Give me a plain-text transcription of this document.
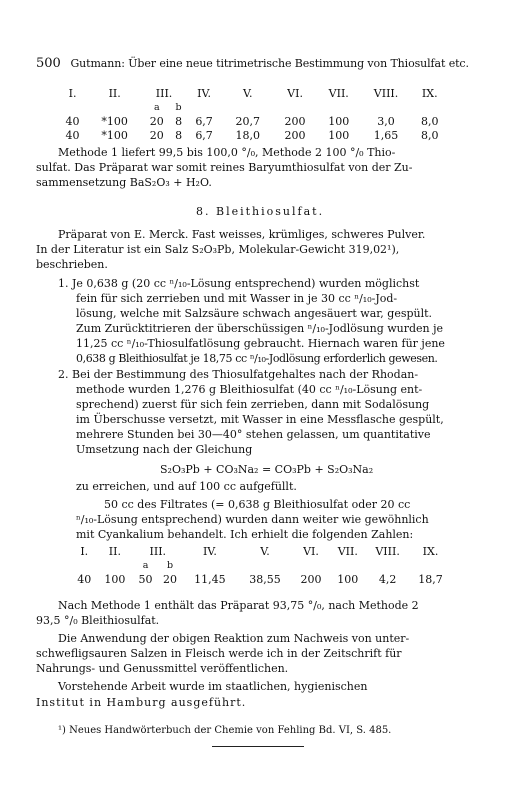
500 Gutmann: Über eine neue titrimetrische Bestimmung von Thiosulfat etc.
I.	II.	III.		IV.	V.	VI.	VII.	VIII.	IX.
		a	b						
40	*100	20	8	6,7	20,7	200	100	3,0	8,0
40	*100	20	8	6,7	18,0	200	100	1,65	8,0
Methode 1 liefert 99,5 bis 100,0 °/₀, Methode 2 100 °/₀ Thio-
sulfat. Das Präparat war somit reines Baryumthiosulfat von der Zu-
sammensetzung BaS₂O₃ + H₂O.
8. Bleithiosulfat.
Präparat von E. Merck. Fast weisses, krümliges, schweres Pulver.
In der Literatur ist ein Salz S₂O₃Pb, Molekular-Gewicht 319,02¹),
beschrieben.
1. Je 0,638 g (20 cc ⁿ/₁₀-Lösung entsprechend) wurden möglichst
fein für sich zerrieben und mit Wasser in je 30 cc ⁿ/₁₀-Jod-
lösung, welche mit Salzsäure schwach angesäuert war, gespült.
Zum Zurücktitrieren der überschüssigen ⁿ/₁₀-Jodlösung wurden je
11,25 cc ⁿ/₁₀-Thiosulfatlösung gebraucht. Hiernach waren für jene
0,638 g Bleithiosulfat je 18,75 cc ⁿ/₁₀-Jodlösung erforderlich gewesen.
2. Bei der Bestimmung des Thiosulfatgehaltes nach der Rhodan-
methode wurden 1,276 g Bleithiosulfat (40 cc ⁿ/₁₀-Lösung ent-
sprechend) zuerst für sich fein zerrieben, dann mit Sodalösung
im Überschusse versetzt, mit Wasser in eine Messflasche gespült,
mehrere Stunden bei 30—40° stehen gelassen, um quantitative
Umsetzung nach der Gleichung
S₂O₃Pb + CO₃Na₂ = CO₃Pb + S₂O₃Na₂
zu erreichen, und auf 100 cc aufgefüllt.
50 cc des Filtrates (= 0,638 g Bleithiosulfat oder 20 cc
ⁿ/₁₀-Lösung entsprechend) wurden dann weiter wie gewöhnlich
mit Cyankalium behandelt. Ich erhielt die folgenden Zahlen:
I.	II.	III.		IV.	V.	VI.	VII.	VIII.	IX.
		a	b						
40	100	50	20	11,45	38,55	200	100	4,2	18,7
Nach Methode 1 enthält das Präparat 93,75 °/₀, nach Methode 2
93,5 °/₀ Bleithiosulfat.
Die Anwendung der obigen Reaktion zum Nachweis von unter-
schwefligsauren Salzen in Fleisch werde ich in der Zeitschrift für
Nahrungs- und Genussmittel veröffentlichen.
Vorstehende Arbeit wurde im staatlichen, hygienischen
Institut in Hamburg ausgeführt.
¹) Neues Handwörterbuch der Chemie von Fehling Bd. VI, S. 485.
